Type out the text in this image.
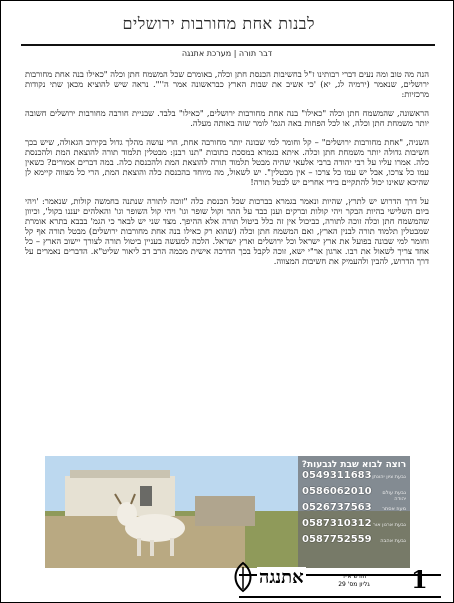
לבנות אחת מחורבות ירושלים
דבר תורה | מערכת אתנגה

הנה מה טוב ומה נעים דברי רבותינו ז"ל בחשיבות הכנסת חתן וכלה, באומרם שכל המשמח חתן וכלה "כאילו בנה אחת מחורבות ירושלים, שנאמר (ירמיה לג, יא) 'כי אשיב את שבות הארץ כבראשונה אמר ה''". נראה שיש להוציא מכאן שתי נקודות מרכזיות:

הראשונה, שהמשמח חתן וכלה "כאילו" בנה אחת מחורבות ירושלים, "כאילו" בלבד. שבניית חורבה מחורבות ירושלים חשובה יותר משמחת חתן וכלה, או לכל הפחות באה הגמ' לומר שזה באותה מעלה.

השניה, "אחת מחורבות ירושלים" – קל וחומר למי שבונה יותר מחורבה אחת, הרי עושה מהלך גדול בקירוב הגאולה, שיש בכך חשיבות גדולה יותר משמחת חתן וכלה. איתא בגמרא במסכת כתובות "תנו רבנן: מבטלין תלמוד תורה להוצאת המת ולהכנסת כלה. אמרו עליו על רבי יהודה ברבי אלעאי שהיה מבטל תלמוד תורה להוצאת המת ולהכנסת כלה. במה דברים אמורים? כשאין עמו כל צרכו, אבל יש עמו כל צרכו – אין מבטלין". יש לשאול, מה מיוחד בהכנסת כלה והוצאת המת, הרי כל מצווה קיימא לן שהיכא שאינו יכול להתקיים בידי אחרים יש לבטל תורה!

על דרך הדרוש יש לתרץ, שהיות ונאמר בגמרא בברכות שכל הכנסת כלה "זוכה לתורה שנתנה בחמשה קולות, שנאמר: 'ויהי ביום השלישי בהיות הבקר ויהי קולות וברקים וענן כבד על ההר וקול שופר וגו' ויהי קול השופר וגו' והאלהים יעננו בקול', וכיוון שהמשמח חתן וכלה זוכה לתורה, כביכול אין זה כלל ביטול תורה אלא ההיפך. מצד שני יש לבאר כי הגמ' בבבא בתרא אומרת שמבטלין תלמוד תורה לבנין הארץ, ואם המשמח חתן וכלה (שהוא רק כאילו בנה אחת מחורבות ירושלים) מבטל תורה אף קל וחומר למי שבונה בפועל את ארץ ישראל וכל ירושלים וארץ ישראל. הלכה למעשה בעניין ביטול תורה לצורך יישוב הארץ – כל אחד צריך לשאול את רבו. ארגון אר"י ישא, זוכה לקבל בכך הדרכה אישית מכמה הרב דב ליאור שליט"א. הדברים נאמרים על דרך הדרוש, להבין ולהעמיק את חשיבות המצווה.

רוצה לבוא שבת לגבעות?
גבעת ציון יהונתן
0549311683
גבעת עולם יהודה
0586062010
מעוז אסתר
0526737563
גבעת ארנון אור
0587310312
גבעת אהבה
0587752559
אתנגה	חודש אייר
גליון מס' 29 1
